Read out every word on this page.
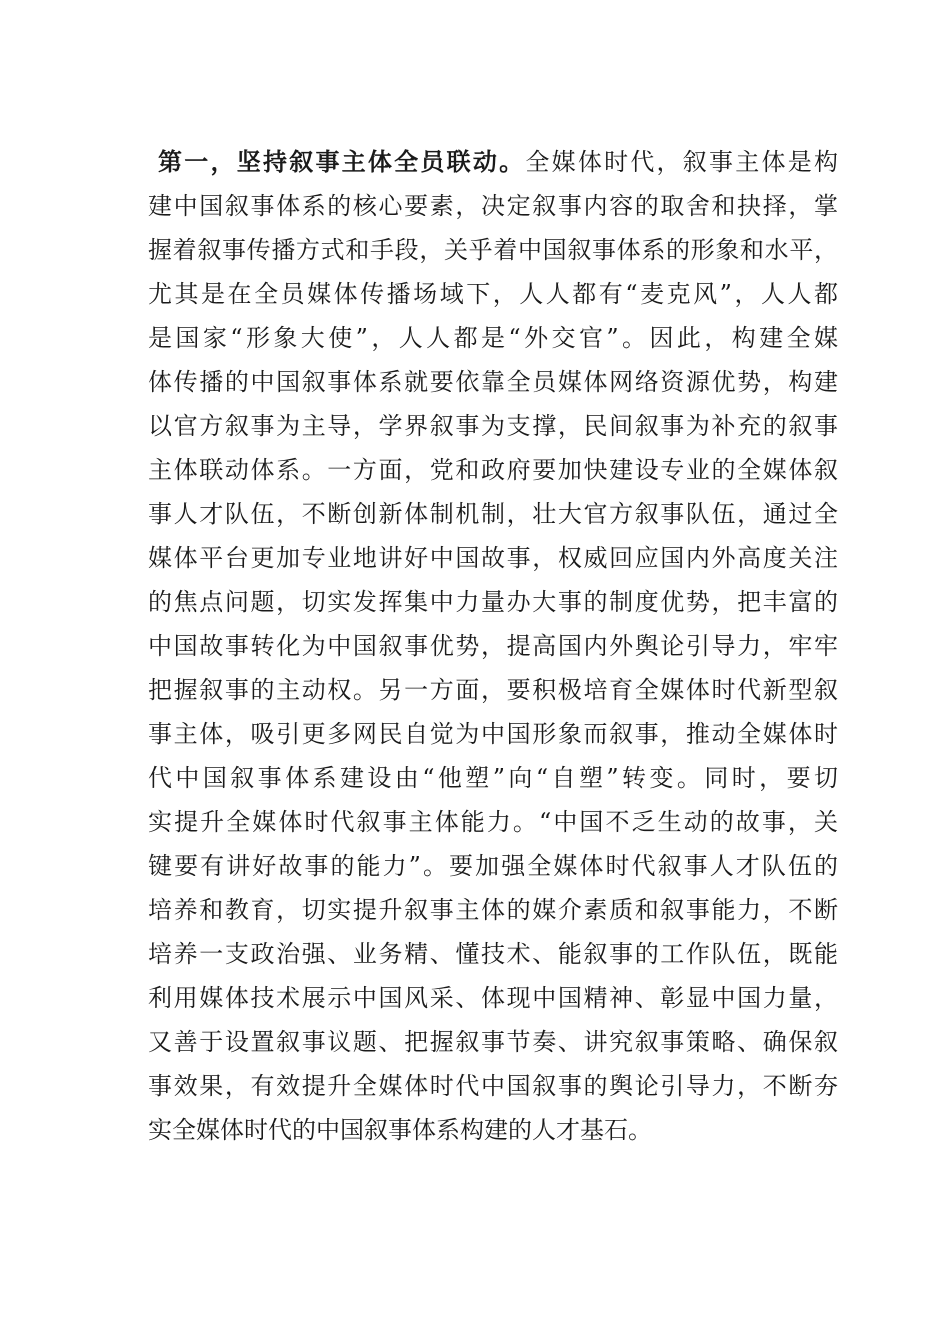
第一，坚持叙事主体全员联动。全媒体时代，叙事主体是构
建中国叙事体系的核心要素，决定叙事内容的取舍和抉择，掌
握着叙事传播方式和手段，关乎着中国叙事体系的形象和水平，
尤其是在全员媒体传播场域下，人人都有“麦克风”，人人都
是国家“形象大使”，人人都是“外交官”。因此，构建全媒
体传播的中国叙事体系就要依靠全员媒体网络资源优势，构建
以官方叙事为主导，学界叙事为支撑，民间叙事为补充的叙事
主体联动体系。一方面，党和政府要加快建设专业的全媒体叙
事人才队伍，不断创新体制机制，壮大官方叙事队伍，通过全
媒体平台更加专业地讲好中国故事，权威回应国内外高度关注
的焦点问题，切实发挥集中力量办大事的制度优势，把丰富的
中国故事转化为中国叙事优势，提高国内外舆论引导力，牢牢
把握叙事的主动权。另一方面，要积极培育全媒体时代新型叙
事主体，吸引更多网民自觉为中国形象而叙事，推动全媒体时
代中国叙事体系建设由“他塑”向“自塑”转变。同时，要切
实提升全媒体时代叙事主体能力。“中国不乏生动的故事，关
键要有讲好故事的能力”。要加强全媒体时代叙事人才队伍的
培养和教育，切实提升叙事主体的媒介素质和叙事能力，不断
培养一支政治强、业务精、懂技术、能叙事的工作队伍，既能
利用媒体技术展示中国风采、体现中国精神、彰显中国力量，
又善于设置叙事议题、把握叙事节奏、讲究叙事策略、确保叙
事效果，有效提升全媒体时代中国叙事的舆论引导力，不断夯
实全媒体时代的中国叙事体系构建的人才基石。
